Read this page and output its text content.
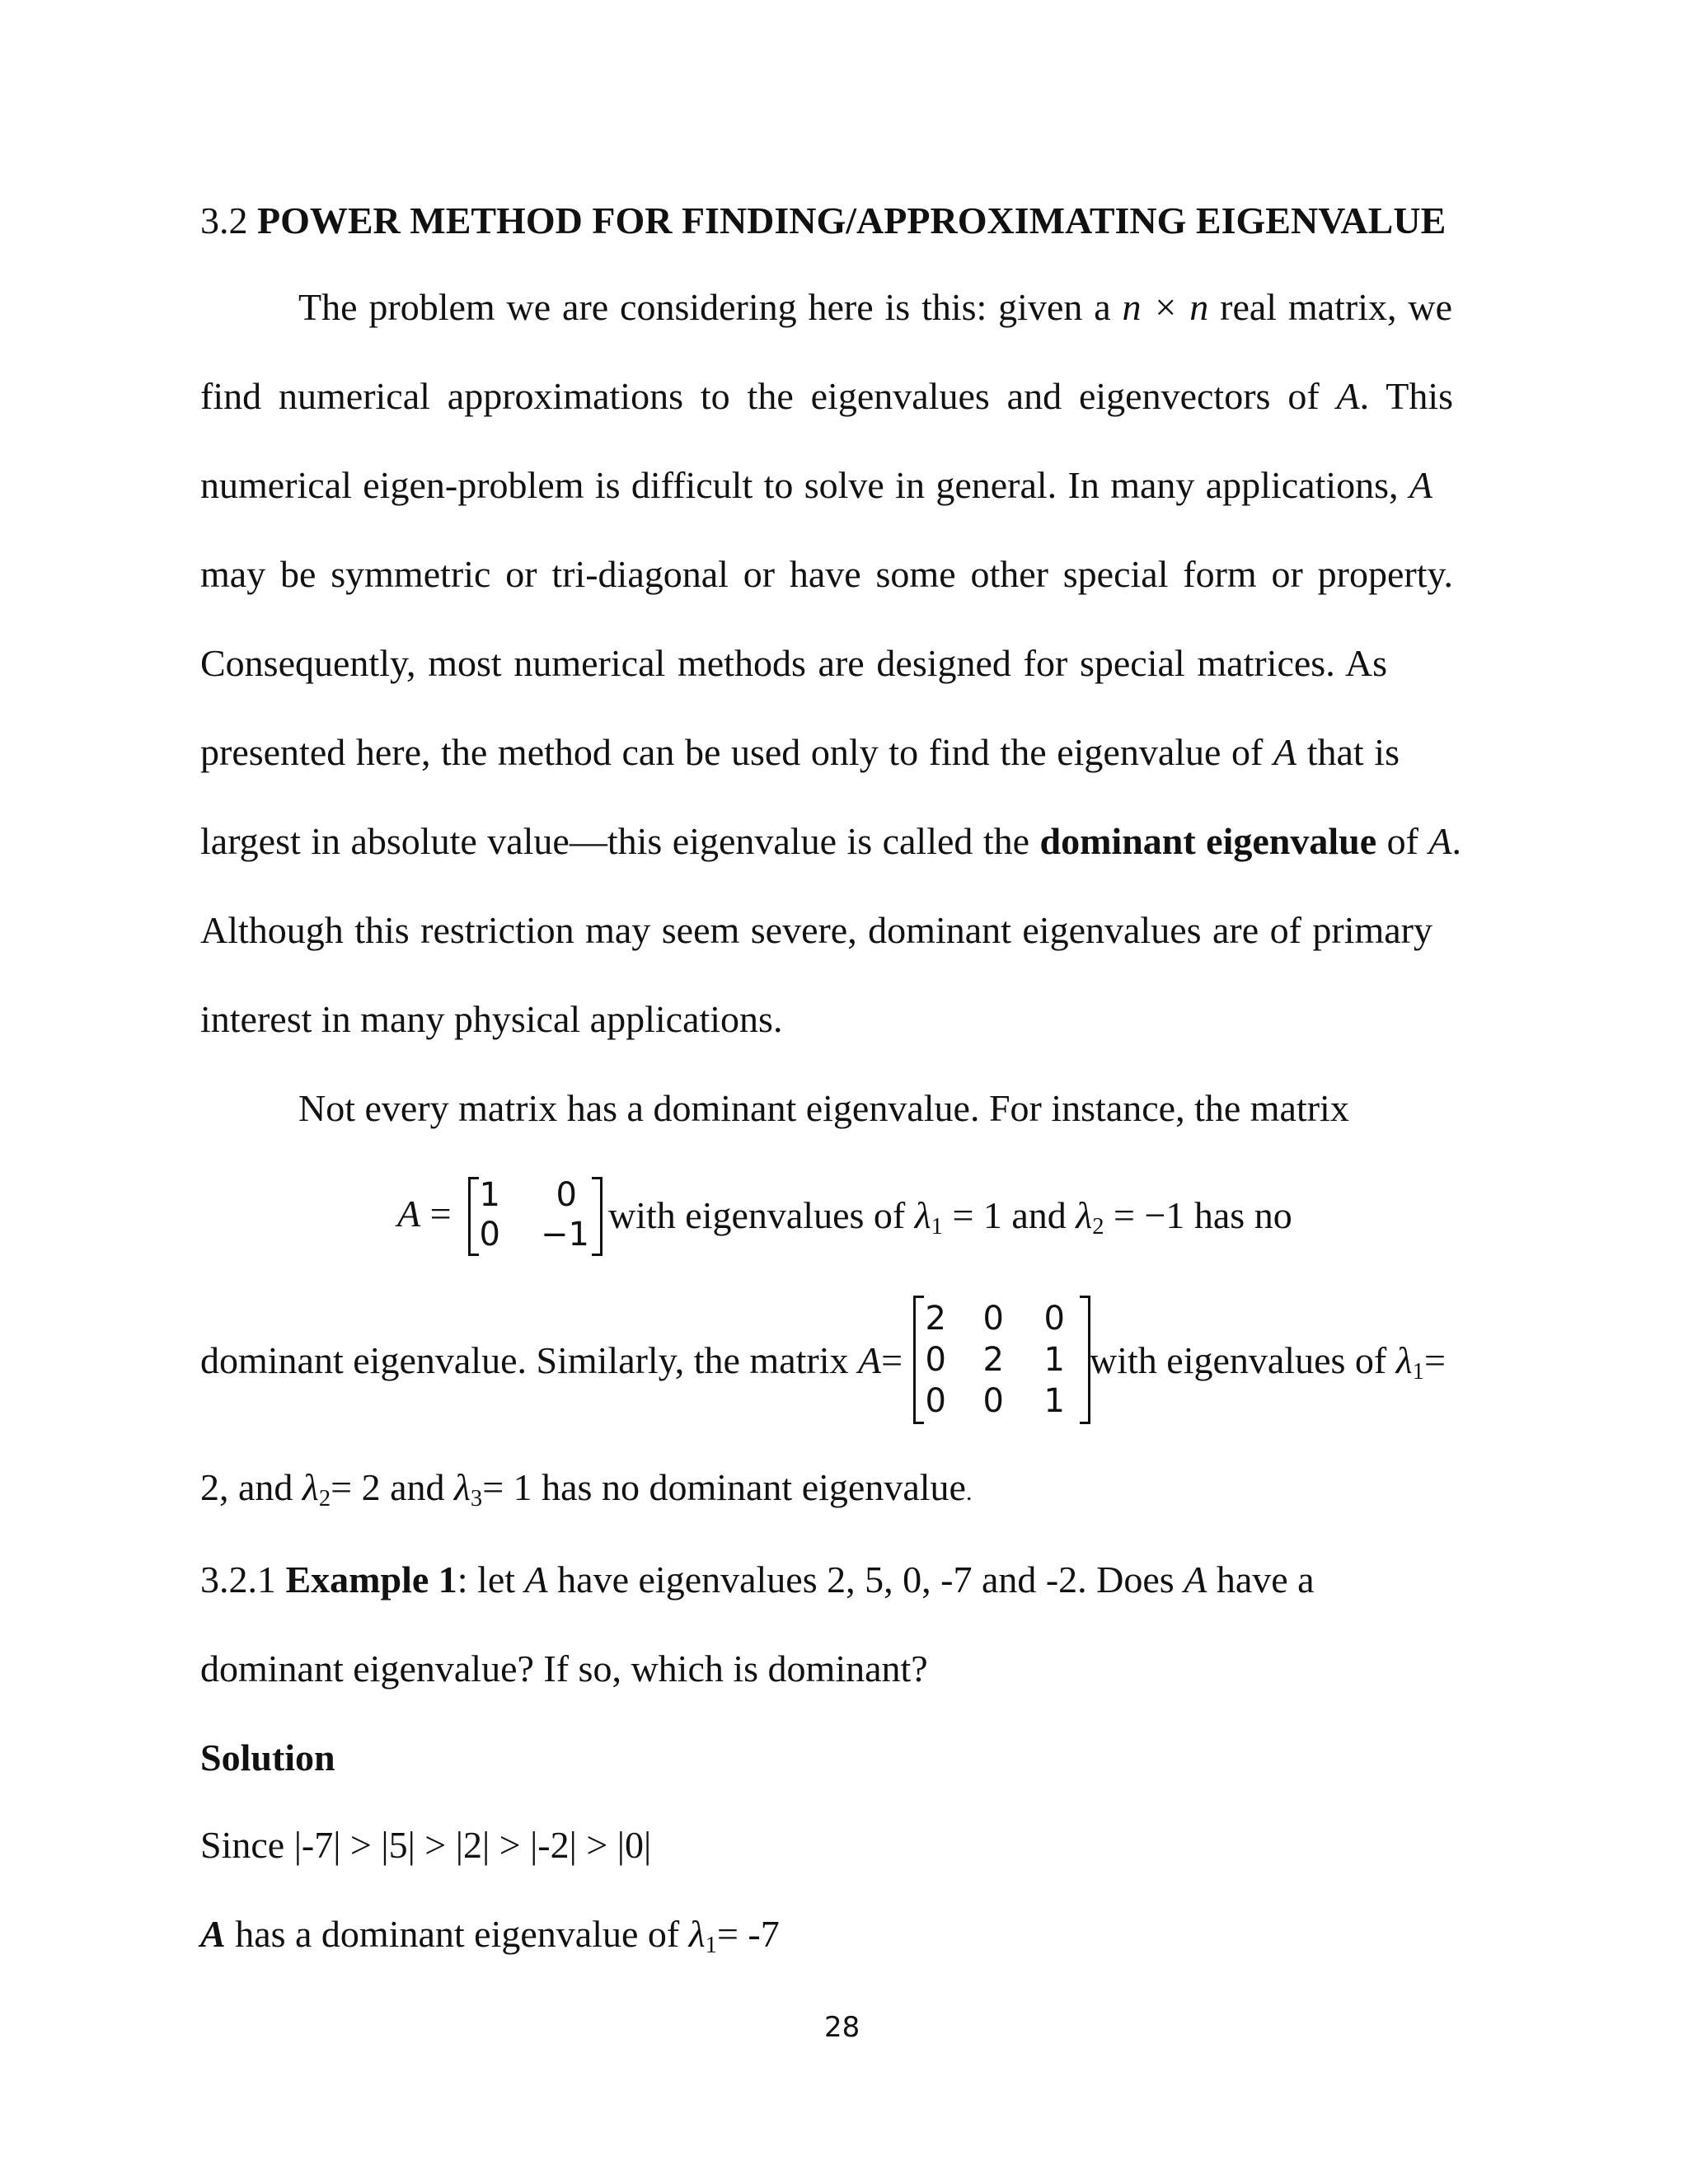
3.2 POWER METHOD FOR FINDING/APPROXIMATING EIGENVALUE
The problem we are considering here is this: given a n × n real matrix, we
find numerical approximations to the eigenvalues and eigenvectors of A. This
numerical eigen-problem is difficult to solve in general. In many applications, A
may be symmetric or tri-diagonal or have some other special form or property.
Consequently, most numerical methods are designed for special matrices. As
presented here, the method can be used only to find the eigenvalue of A that is
largest in absolute value—this eigenvalue is called the dominant eigenvalue of A.
Although this restriction may seem severe, dominant eigenvalues are of primary
interest in many physical applications.
Not every matrix has a dominant eigenvalue. For instance, the matrix
A = 1	0
0	−1 with eigenvalues of $\lambda_1 = 1$ and $\lambda_2 = -1$ has no
dominant eigenvalue. Similarly, the matrix A=
2 0 0
0 2 1
0 0 1
with eigenvalues of $\lambda_1=$
2, and $\lambda_2= 2$ and $\lambda_3= 1$ has no dominant eigenvalue.
3.2.1 Example 1: let A have eigenvalues 2, 5, 0, -7 and -2. Does A have a
dominant eigenvalue? If so, which is dominant?
Solution
Since |-7| > |5| > |2| > |-2| > |0|
A has a dominant eigenvalue of $\lambda_1= -7$
28
